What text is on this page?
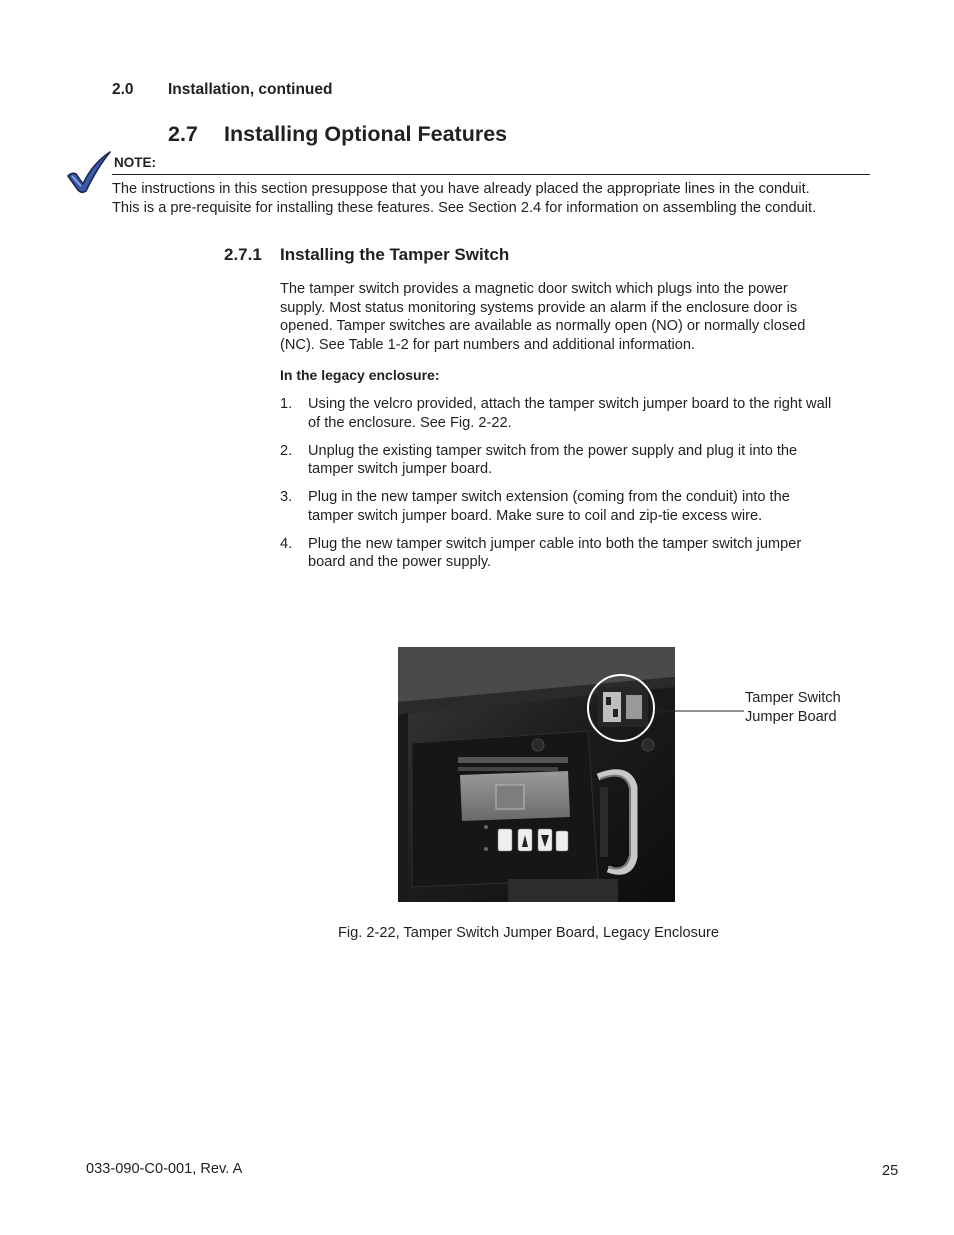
2.0 Installation, continued
2.7 Installing Optional Features
NOTE:
The instructions in this section presuppose that you have already placed the appropriate lines in the conduit.
This is a pre-requisite for installing these features. See Section 2.4 for information on assembling the conduit.
2.7.1 Installing the Tamper Switch
The tamper switch provides a magnetic door switch which plugs into the power
supply. Most status monitoring systems provide an alarm if the enclosure door is
opened. Tamper switches are available as normally open (NO) or normally closed
(NC). See Table 1-2 for part numbers and additional information.
In the legacy enclosure:
1. Using the velcro provided, attach the tamper switch jumper board to the right wall
of the enclosure. See Fig. 2-22.
2. Unplug the existing tamper switch from the power supply and plug it into the
tamper switch jumper board.
3. Plug in the new tamper switch extension (coming from the conduit) into the
tamper switch jumper board. Make sure to coil and zip-tie excess wire.
4. Plug the new tamper switch jumper cable into both the tamper switch jumper
board and the power supply.
Tamper Switch
Jumper Board
Fig. 2-22, Tamper Switch Jumper Board, Legacy Enclosure
033-090-C0-001, Rev. A	25
